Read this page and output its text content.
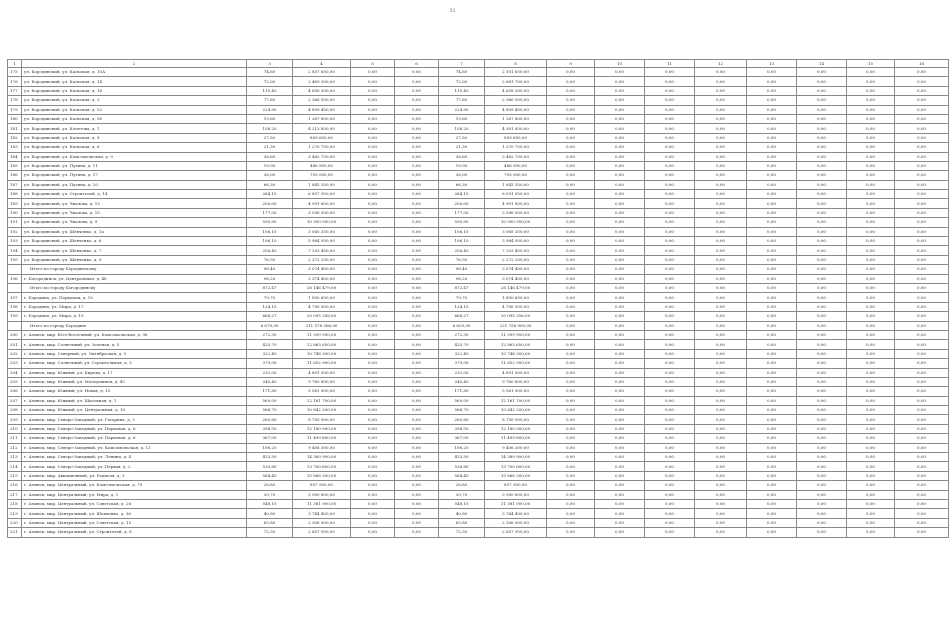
31
1	2	3	4	5	6	7	8	9	10	11	12	13	14	15	16
175	ул. Бородинский, ул. Кальская, д. 10А	74,60	2 857 650,00	0,00	0,00	74,60	2 101 650,00	0,00	0,00	0,00	0,00	0,00	0,00	0,00	0,00
176	ул. Бородинский, ул. Кальская, д. 14	72,00	2 469 300,00	0,00	0,00	72,00	2 681 700,00	0,00	0,00	0,00	0,00	0,00	0,00	0,00	0,00
177	ул. Бородинский, ул. Кальская, д. 16	115,40	4 658 300,00	0,00	0,00	115,40	4 658 300,00	0,00	0,00	0,00	0,00	0,00	0,00	0,00	0,00
178	ул. Бородинский, ул. Кальская, д. 3	77,60	2 366 500,00	0,00	0,00	77,60	2 366 500,00	0,00	0,00	0,00	0,00	0,00	0,00	0,00	0,00
179	ул. Бородинский, ул. Кальская, д. 52	224,90	4 899 450,00	0,00	0,00	224,90	4 899 450,00	0,00	0,00	0,00	0,00	0,00	0,00	0,00	0,00
180	ул. Бородинский, ул. Кальская, д. 56	19,60	1 267 800,00	0,00	0,00	19,60	1 267 800,00	0,00	0,00	0,00	0,00	0,00	0,00	0,00	0,00
181	ул. Бородинский, ул. Кочетова, д. 1	158,20	4 213 850,00	0,00	0,00	158,20	4 391 850,00	0,00	0,00	0,00	0,00	0,00	0,00	0,00	0,00
182	ул. Бородинский, ул. Кальская, д. 8	27,50	859 650,00	0,00	0,00	27,50	859 650,00	0,00	0,00	0,00	0,00	0,00	0,00	0,00	0,00
183	ул. Бородинский, ул. Кальская, д. 6	21,30	1 270 750,00	0,00	0,00	21,30	1 270 750,00	0,00	0,00	0,00	0,00	0,00	0,00	0,00	0,00
184	ул. Бородинский, ул. Комсомольская, д. 9	36,60	3 482 750,00	0,00	0,00	36,60	3 482 750,00	0,00	0,00	0,00	0,00	0,00	0,00	0,00	0,00
185	ул. Бородинский, ул. Пугина, д. 11	19,90	486 950,00	0,00	0,00	19,90	486 950,00	0,00	0,00	0,00	0,00	0,00	0,00	0,00	0,00
186	ул. Бородинский, ул. Пугина, д. 17	36,00	793 000,00	0,00	0,00	36,00	793 000,00	0,00	0,00	0,00	0,00	0,00	0,00	0,00	0,00
187	ул. Бородинский, ул. Пугина, д. 20	66,30	1 845 350,00	0,00	0,00	66,30	1 845 350,00	0,00	0,00	0,00	0,00	0,00	0,00	0,00	0,00
188	ул. Бородинский, ул. Строителей, д. 14	264,10	6 857 950,00	0,00	0,00	264,10	6 091 950,00	0,00	0,00	0,00	0,00	0,00	0,00	0,00	0,00
189	ул. Бородинский, ул. Чкалова, д. 13	200,00	4 991 800,00	0,00	0,00	200,00	4 991 800,00	0,00	0,00	0,00	0,00	0,00	0,00	0,00	0,00
190	ул. Бородинский, ул. Чкалова, д. 15	177,00	3 596 500,00	0,00	0,00	177,00	3 596 500,00	0,00	0,00	0,00	0,00	0,00	0,00	0,00	0,00
191	ул. Бородинский, ул. Чкалова, д. 9	550,90	10 950 950,00	0,00	0,00	550,90	10 950 950,00	0,00	0,00	0,00	0,00	0,00	0,00	0,00	0,00
192	ул. Бородинский, ул. Шевченко, д. 1а	106,10	3 085 350,00	0,00	0,00	106,10	3 085 350,00	0,00	0,00	0,00	0,00	0,00	0,00	0,00	0,00
193	ул. Бородинский, ул. Шевченко, д. 6	196,10	5 984 950,00	0,00	0,00	196,10	5 984 950,00	0,00	0,00	0,00	0,00	0,00	0,00	0,00	0,00
194	ул. Бородинский, ул. Шевченко, д. 7	256,40	7 203 450,00	0,00	0,00	256,40	7 203 450,00	0,00	0,00	0,00	0,00	0,00	0,00	0,00	0,00
195	ул. Бородинский, ул. Шевченко, д. 9	76,90	2 272 200,00	0,00	0,00	76,90	2 272 200,00	0,00	0,00	0,00	0,00	0,00	0,00	0,00	0,00
	Итого по городу Бородинскому	98,40	3 074 400,00	0,00	0,00	98,40	3 074 400,00	0,00	0,00	0,00	0,00	0,00	0,00	0,00	0,00
196	г. Богородинск, ул. Центральная, д. 48	98,20	2 374 400,00	0,00	0,00	98,20	3 074 400,00	0,00	0,00	0,00	0,00	0,00	0,00	0,00	0,00
	Итого по городу Богородинску	872,47	26 146 479,00	0,00	0,00	872,47	26 146 479,00	0,00	0,00	0,00	0,00	0,00	0,00	0,00	0,00
197	г. Бородино, ул. Первомая, д. 10	79,70	1 850 650,00	0,00	0,00	79,70	1 850 650,00	0,00	0,00	0,00	0,00	0,00	0,00	0,00	0,00
198	г. Бородино, ул. Мира, д. 17	134,10	4 790 950,00	0,00	0,00	134,10	4 790 950,00	0,00	0,00	0,00	0,00	0,00	0,00	0,00	0,00
199	г. Бородино, ул. Мира, д. 19	668,27	20 095 356,00	0,00	0,00	668,27	20 095 356,00	0,00	0,00	0,00	0,00	0,00	0,00	0,00	0,00
	Итого по городу Бородино	6 679,00	211 578 366,00	0,00	0,00	6 629,00	221 758 900,00	0,00	0,00	0,00	0,00	0,00	0,00	0,00	0,00
200	г. Ачинск, мкр. Юго-Восточный, ул. Комсомольская, д. 96	272,30	11 599 950,00	0,00	0,00	272,30	11 599 950,00	0,00	0,00	0,00	0,00	0,00	0,00	0,00	0,00
201	г. Ачинск, мкр. Солнечный, ул. Зеленая, д. 5	425,70	12 863 650,00	0,00	0,00	425,70	12 863 650,00	0,00	0,00	0,00	0,00	0,00	0,00	0,00	0,00
202	г. Ачинск, мкр. Северный, ул. Октябрьская, д. 5	322,40	10 748 300,00	0,00	0,00	322,40	10 748 300,00	0,00	0,00	0,00	0,00	0,00	0,00	0,00	0,00
203	г. Ачинск, мкр. Солнечный, ул. Строительная, д. 5	375,00	11 652 900,00	0,00	0,00	375,00	11 652 900,00	0,00	0,00	0,00	0,00	0,00	0,00	0,00	0,00
204	г. Ачинск, мкр. Южный, ул. Кирова, д. 17	232,00	4 891 500,00	0,00	0,00	232,00	4 891 500,00	0,00	0,00	0,00	0,00	0,00	0,00	0,00	0,00
205	г. Ачинск, мкр. Южный, ул. Молодежная, д. 45	245,40	9 760 800,00	0,00	0,00	245,40	9 760 800,00	0,00	0,00	0,00	0,00	0,00	0,00	0,00	0,00
206	г. Ачинск, мкр. Южный, ул. Новая, д. 15	171,80	5 561 900,00	0,00	0,00	171,80	5 561 900,00	0,00	0,00	0,00	0,00	0,00	0,00	0,00	0,00
207	г. Ачинск, мкр. Южный, ул. Школьная, д. 1	569,00	12 161 700,00	0,00	0,00	569,00	12 161 700,00	0,00	0,00	0,00	0,00	0,00	0,00	0,00	0,00
208	г. Ачинск, мкр. Южный, ул. Центральная, д. 10	568,70	10 842 200,00	0,00	0,00	568,70	10 842 200,00	0,00	0,00	0,00	0,00	0,00	0,00	0,00	0,00
209	г. Ачинск, мкр. Северо-Западный, ул. Гагарина, д. 3	285,60	8 750 900,00	0,00	0,00	285,60	8 750 900,00	0,00	0,00	0,00	0,00	0,00	0,00	0,00	0,00
210	г. Ачинск, мкр. Северо-Западный, ул. Парковая, д. 6	398,50	12 180 900,00	0,00	0,00	398,50	12 180 900,00	0,00	0,00	0,00	0,00	0,00	0,00	0,00	0,00
211	г. Ачинск, мкр. Северо-Западный, ул. Парковая, д. 6	367,00	11 499 800,00	0,00	0,00	367,00	11 499 800,00	0,00	0,00	0,00	0,00	0,00	0,00	0,00	0,00
212	г. Ачинск, мкр. Северо-Западный, ул. Комсомольская, д. 13	198,20	9 406 300,00	0,00	0,00	198,20	9 406 300,00	0,00	0,00	0,00	0,00	0,00	0,00	0,00	0,00
213	г. Ачинск, мкр. Северо-Западный, ул. Ленина, д. 4	453,50	14 389 900,00	0,00	0,00	453,50	14 389 900,00	0,00	0,00	0,00	0,00	0,00	0,00	0,00	0,00
214	г. Ачинск, мкр. Северо-Западный, ул. Первая, д. 2	535,80	13 700 600,00	0,00	0,00	536,80	13 700 600,00	0,00	0,00	0,00	0,00	0,00	0,00	0,00	0,00
215	г. Ачинск, мкр. Авиационный, ул. Радиоля, д. 3	564,40	15 866 300,00	0,00	0,00	564,40	15 866 300,00	0,00	0,00	0,00	0,00	0,00	0,00	0,00	0,00
216	г. Ачинск, мкр. Центральный, ул. Комсомольская, д. 79	28,80	857 950,00	0,00	0,00	28,80	857 950,00	0,00	0,00	0,00	0,00	0,00	0,00	0,00	0,00
217	г. Ачинск, мкр. Центральный, ул. Мира, д. 1	39,70	3 950 800,00	0,00	0,00	39,70	3 950 800,00	0,00	0,00	0,00	0,00	0,00	0,00	0,00	0,00
218	г. Ачинск, мкр. Центральный, ул. Советская, д. 26	548,10	11 381 900,00	0,00	0,00	548,10	11 381 900,00	0,00	0,00	0,00	0,00	0,00	0,00	0,00	0,00
219	г. Ачинск, мкр. Центральный, ул. Шевченко, д. 36	40,80	3 744 400,00	0,00	0,00	40,80	3 744 400,00	0,00	0,00	0,00	0,00	0,00	0,00	0,00	0,00
220	г. Ачинск, мкр. Центральный, ул. Советская, д. 15	65,80	2 306 900,00	0,00	0,00	65,80	2 306 900,00	0,00	0,00	0,00	0,00	0,00	0,00	0,00	0,00
221	г. Ачинск, мкр. Центральный, ул. Строителей, д. 8	72,30	2 657 950,00	0,00	0,00	72,30	2 657 950,00	0,00	0,00	0,00	0,00	0,00	0,00	0,00	0,00
